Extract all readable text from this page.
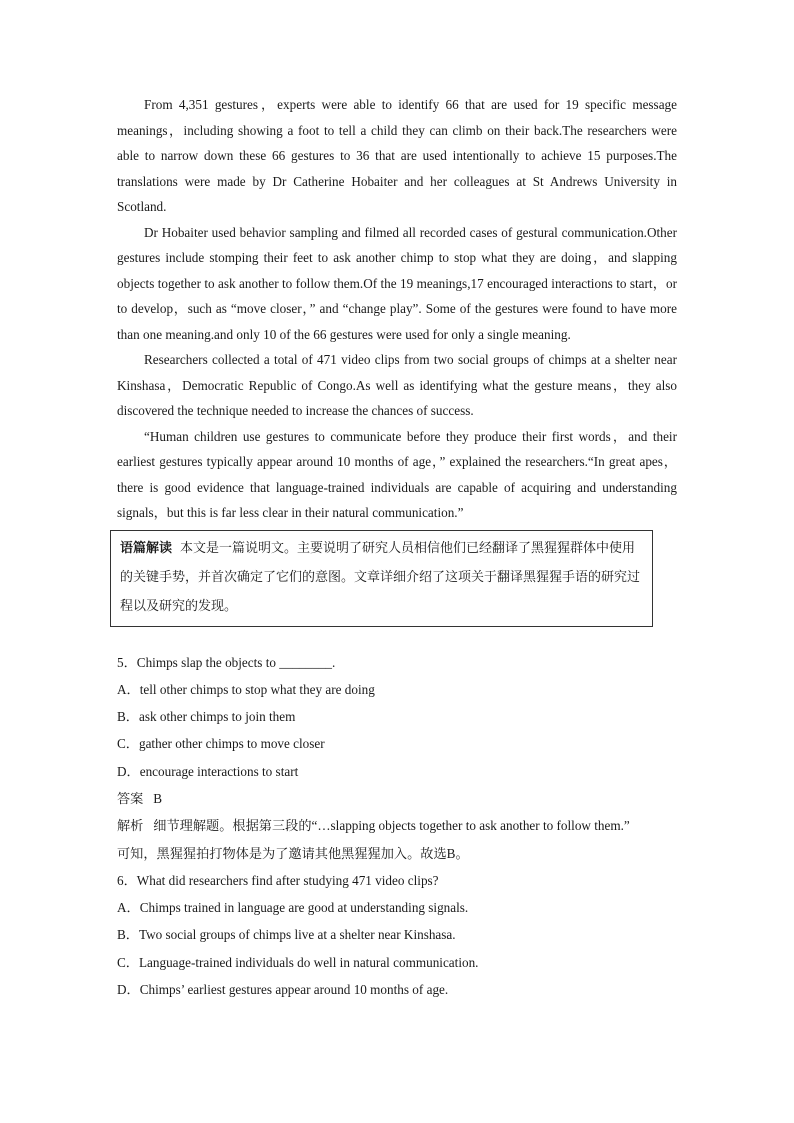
From 4,351 gestures，experts were able to identify 66 that are used for 19 specific message meanings，including showing a foot to tell a child they can climb on their back.The researchers were able to narrow down these 66 gestures to 36 that are used intentionally to achieve 15 purposes.The translations were made by Dr Catherine Hobaiter and her colleagues at St Andrews University in Scotland.

Dr Hobaiter used behavior sampling and filmed all recorded cases of gestural communication.Other gestures include stomping their feet to ask another chimp to stop what they are doing，and slapping objects together to ask another to follow them.Of the 19 meanings,17 encouraged interactions to start，or to develop，such as “move closer，” and “change play”. Some of the gestures were found to have more than one meaning.and only 10 of the 66 gestures were used for only a single meaning.

Researchers collected a total of 471 video clips from two social groups of chimps at a shelter near Kinshasa，Democratic Republic of Congo.As well as identifying what the gesture means，they also discovered the technique needed to increase the chances of success.

“Human children use gestures to communicate before they produce their first words，and their earliest gestures typically appear around 10 months of age，” explained the researchers.“In great apes，there is good evidence that language-trained individuals are capable of acquiring and understanding signals，but this is far less clear in their natural communication.”

语篇解读 本文是一篇说明文。主要说明了研究人员相信他们已经翻译了黑猩猩群体中使用的关键手势，并首次确定了它们的意图。文章详细介绍了这项关于翻译黑猩猩手语的研究过程以及研究的发现。

5．Chimps slap the objects to ________.

A．tell other chimps to stop what they are doing

B．ask other chimps to join them

C．gather other chimps to move closer

D．encourage interactions to start

答案 B

解析 细节理解题。根据第三段的“…slapping objects together to ask another to follow them.”

可知，黑猩猩拍打物体是为了邀请其他黑猩猩加入。故选B。

6．What did researchers find after studying 471 video clips?

A．Chimps trained in language are good at understanding signals.

B．Two social groups of chimps live at a shelter near Kinshasa.

C．Language-trained individuals do well in natural communication.

D．Chimps’ earliest gestures appear around 10 months of age.
